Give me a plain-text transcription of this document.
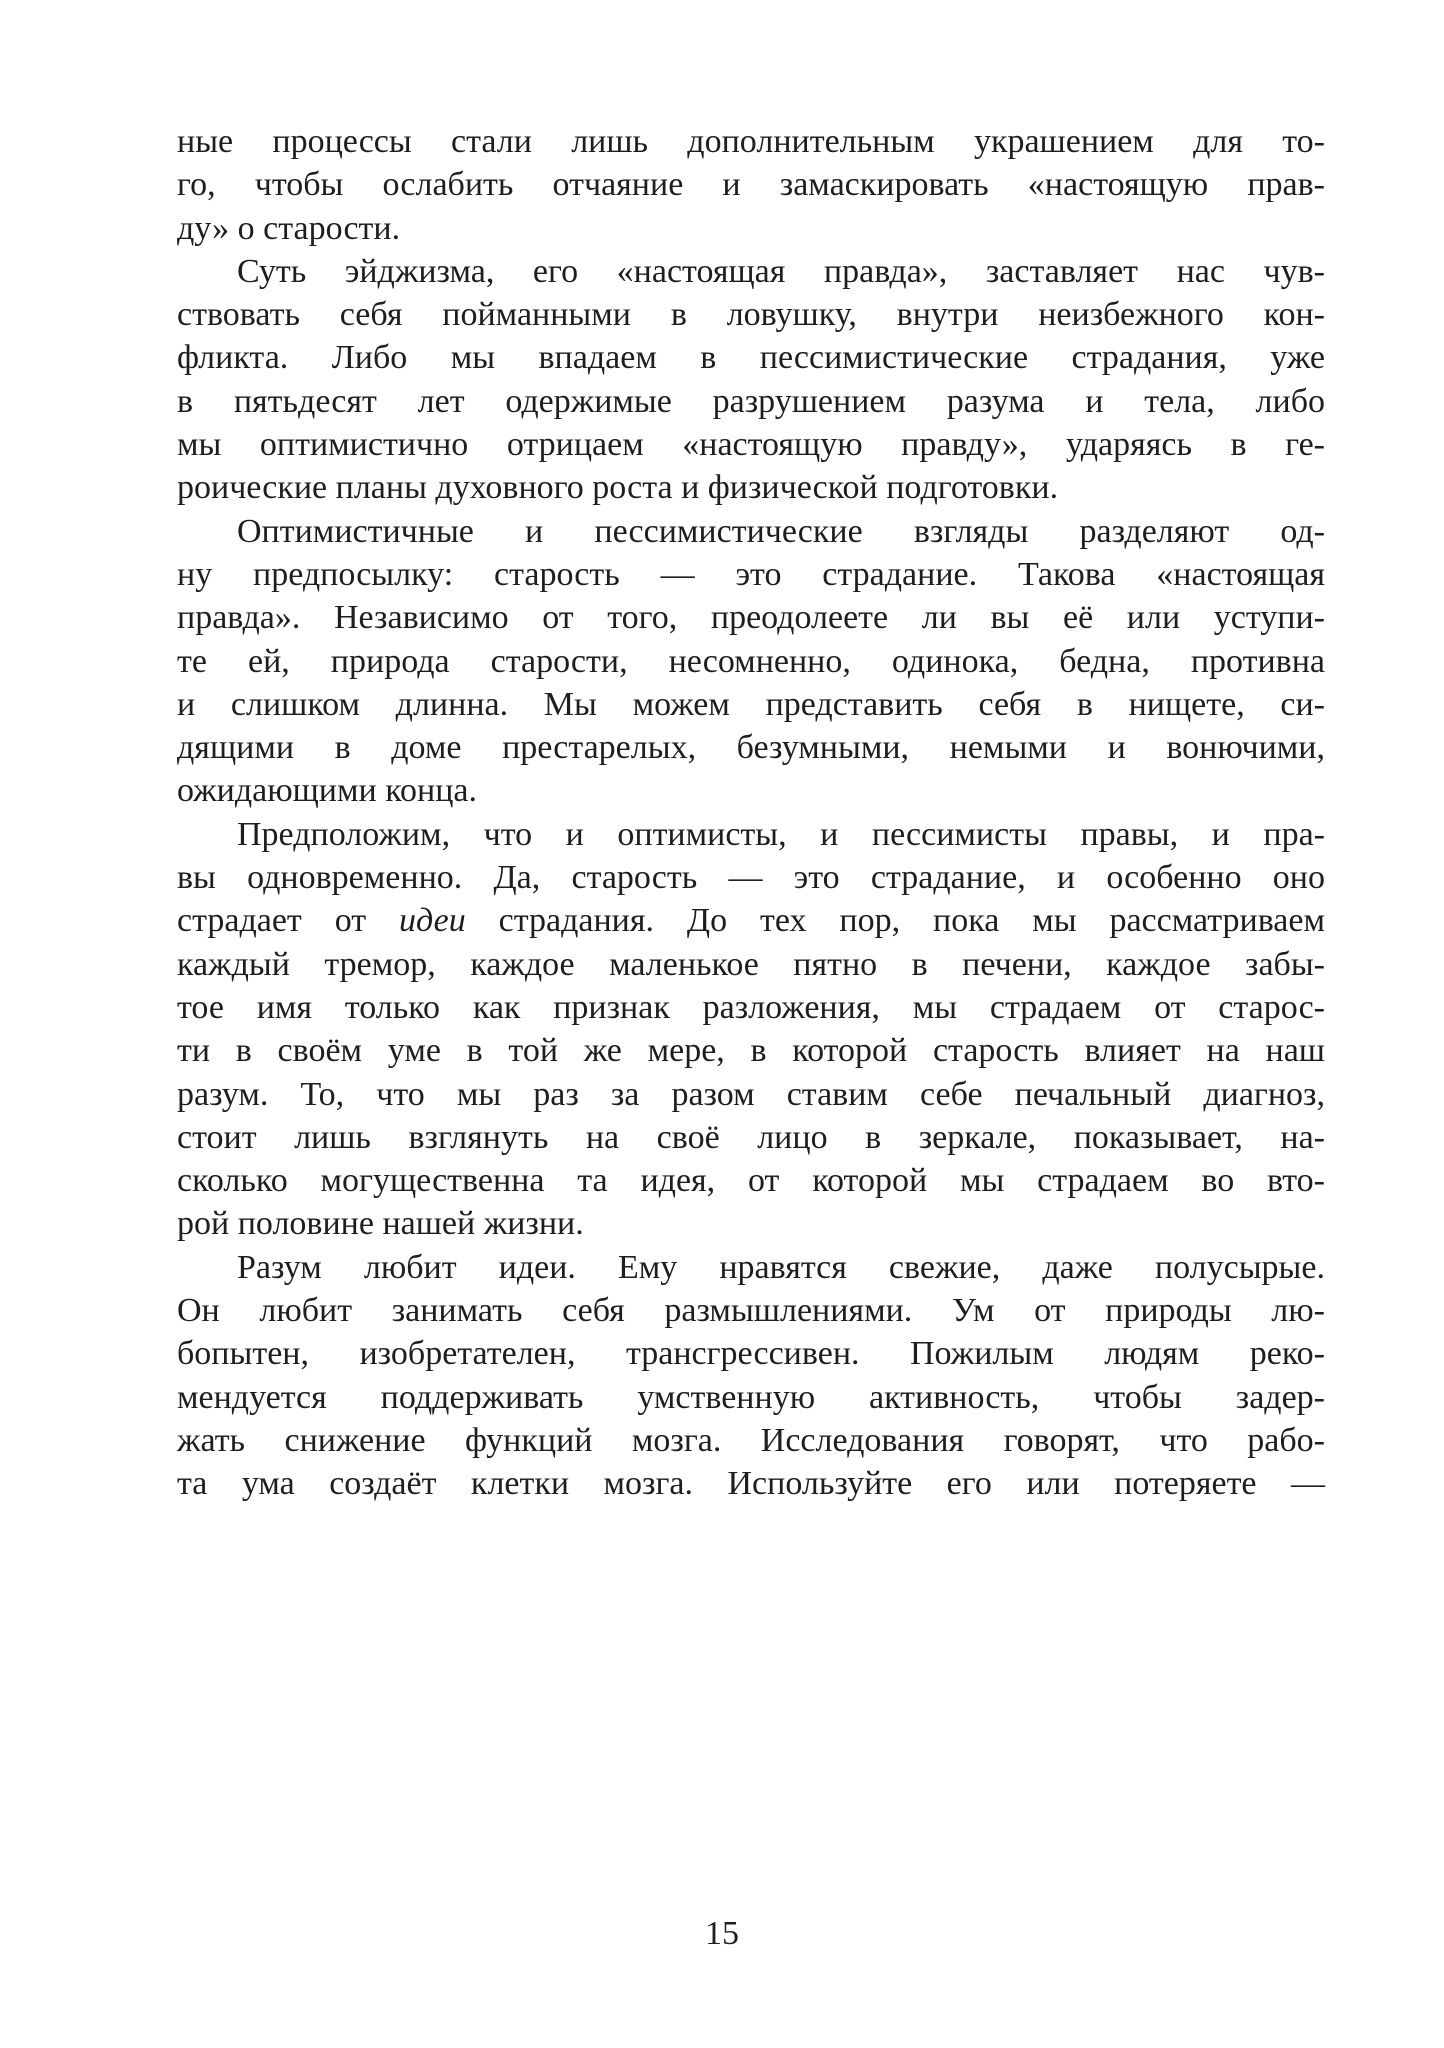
ные процессы стали лишь дополнительным украшением для то-
го, чтобы ослабить отчаяние и замаскировать «настоящую прав-
ду» о старости.
Суть эйджизма, его «настоящая правда», заставляет нас чув-
ствовать себя пойманными в ловушку, внутри неизбежного кон-
фликта. Либо мы впадаем в пессимистические страдания, уже
в пятьдесят лет одержимые разрушением разума и тела, либо
мы оптимистично отрицаем «настоящую правду», ударяясь в ге-
роические планы духовного роста и физической подготовки.
Оптимистичные и пессимистические взгляды разделяют од-
ну предпосылку: старость — это страдание. Такова «настоящая
правда». Независимо от того, преодолеете ли вы её или уступи-
те ей, природа старости, несомненно, одинока, бедна, противна
и слишком длинна. Мы можем представить себя в нищете, си-
дящими в доме престарелых, безумными, немыми и вонючими,
ожидающими конца.
Предположим, что и оптимисты, и пессимисты правы, и пра-
вы одновременно. Да, старость — это страдание, и особенно оно
страдает от идеи страдания. До тех пор, пока мы рассматриваем
каждый тремор, каждое маленькое пятно в печени, каждое забы-
тое имя только как признак разложения, мы страдаем от старос-
ти в своём уме в той же мере, в которой старость влияет на наш
разум. То, что мы раз за разом ставим себе печальный диагноз,
стоит лишь взглянуть на своё лицо в зеркале, показывает, на-
сколько могущественна та идея, от которой мы страдаем во вто-
рой половине нашей жизни.
Разум любит идеи. Ему нравятся свежие, даже полусырые.
Он любит занимать себя размышлениями. Ум от природы лю-
бопытен, изобретателен, трансгрессивен. Пожилым людям реко-
мендуется поддерживать умственную активность, чтобы задер-
жать снижение функций мозга. Исследования говорят, что рабо-
та ума создаёт клетки мозга. Используйте его или потеряете —
15
